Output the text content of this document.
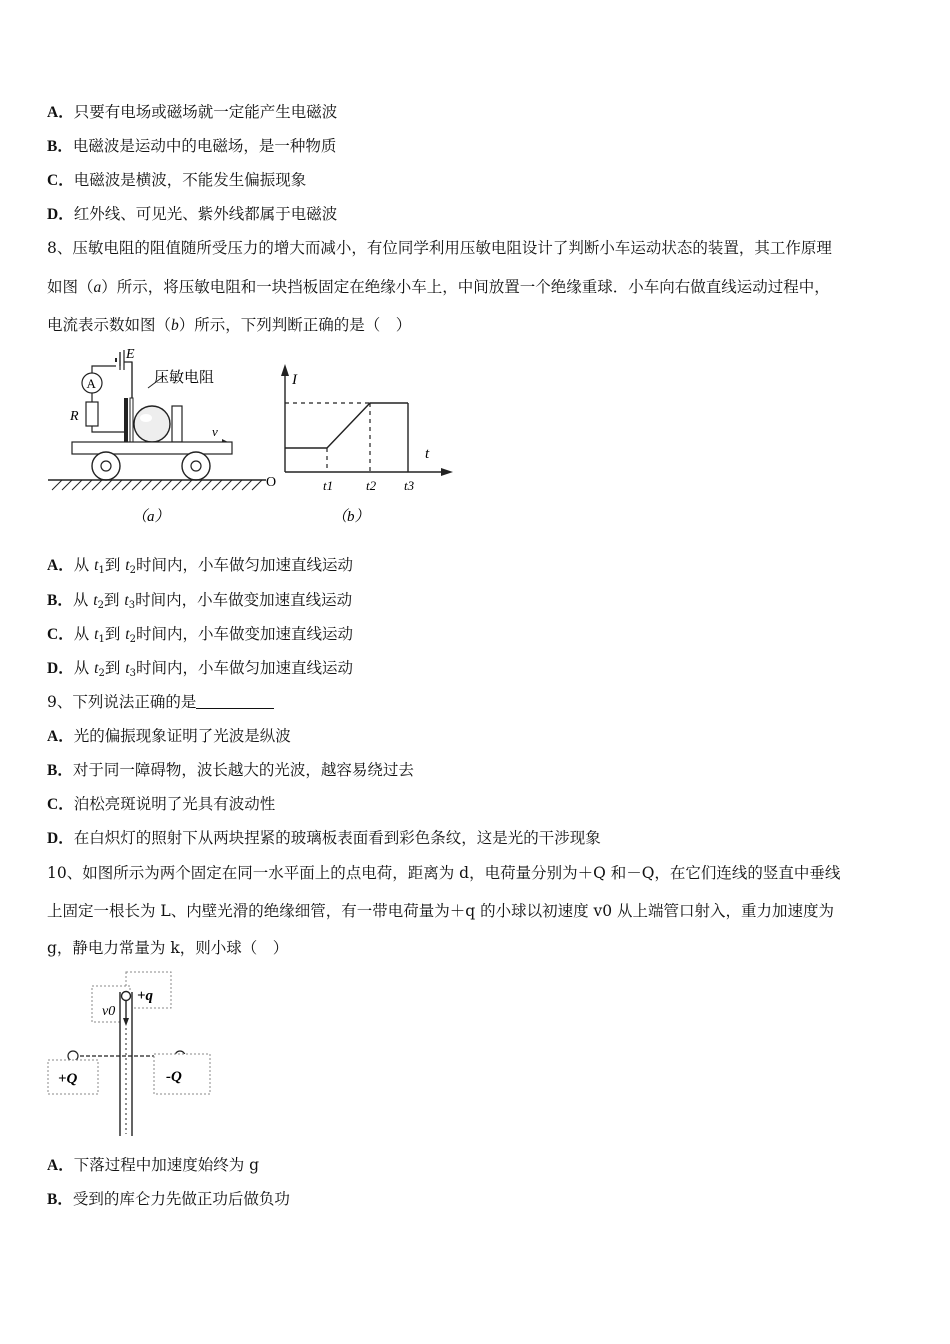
A．只要有电场或磁场就一定能产生电磁波
B．电磁波是运动中的电磁场，是一种物质
C．电磁波是横波，不能发生偏振现象
D．红外线、可见光、紫外线都属于电磁波
8、压敏电阻的阻值随所受压力的增大而减小，有位同学利用压敏电阻设计了判断小车运动状态的装置，其工作原理
如图（a）所示，将压敏电阻和一块挡板固定在绝缘小车上，中间放置一个绝缘重球．小车向右做直线运动过程中，
电流表示数如图（b）所示，下列判断正确的是（　）
E
A
R
压敏电阻
v
（a）
I
t
O	t1	t2 t3
（b）
A．从 $t_1$到 $t_2$时间内，小车做匀加速直线运动
B．从 $t_2$到 $t_3$时间内，小车做变加速直线运动
C．从 $t_1$到 $t_2$时间内，小车做变加速直线运动
D．从 $t_2$到 $t_3$时间内，小车做匀加速直线运动
9、下列说法正确的是
A．光的偏振现象证明了光波是纵波
B．对于同一障碍物，波长越大的光波，越容易绕过去
C．泊松亮斑说明了光具有波动性
D．在白炽灯的照射下从两块捏紧的玻璃板表面看到彩色条纹，这是光的干涉现象
10、如图所示为两个固定在同一水平面上的点电荷，距离为 d，电荷量分别为＋Q 和－Q，在它们连线的竖直中垂线
上固定一根长为 L、内壁光滑的绝缘细管，有一带电荷量为＋q 的小球以初速度 v0 从上端管口射入，重力加速度为
g，静电力常量为 k，则小球（　）
+q
v0
+Q	-Q
A．下落过程中加速度始终为 g
B．受到的库仑力先做正功后做负功
